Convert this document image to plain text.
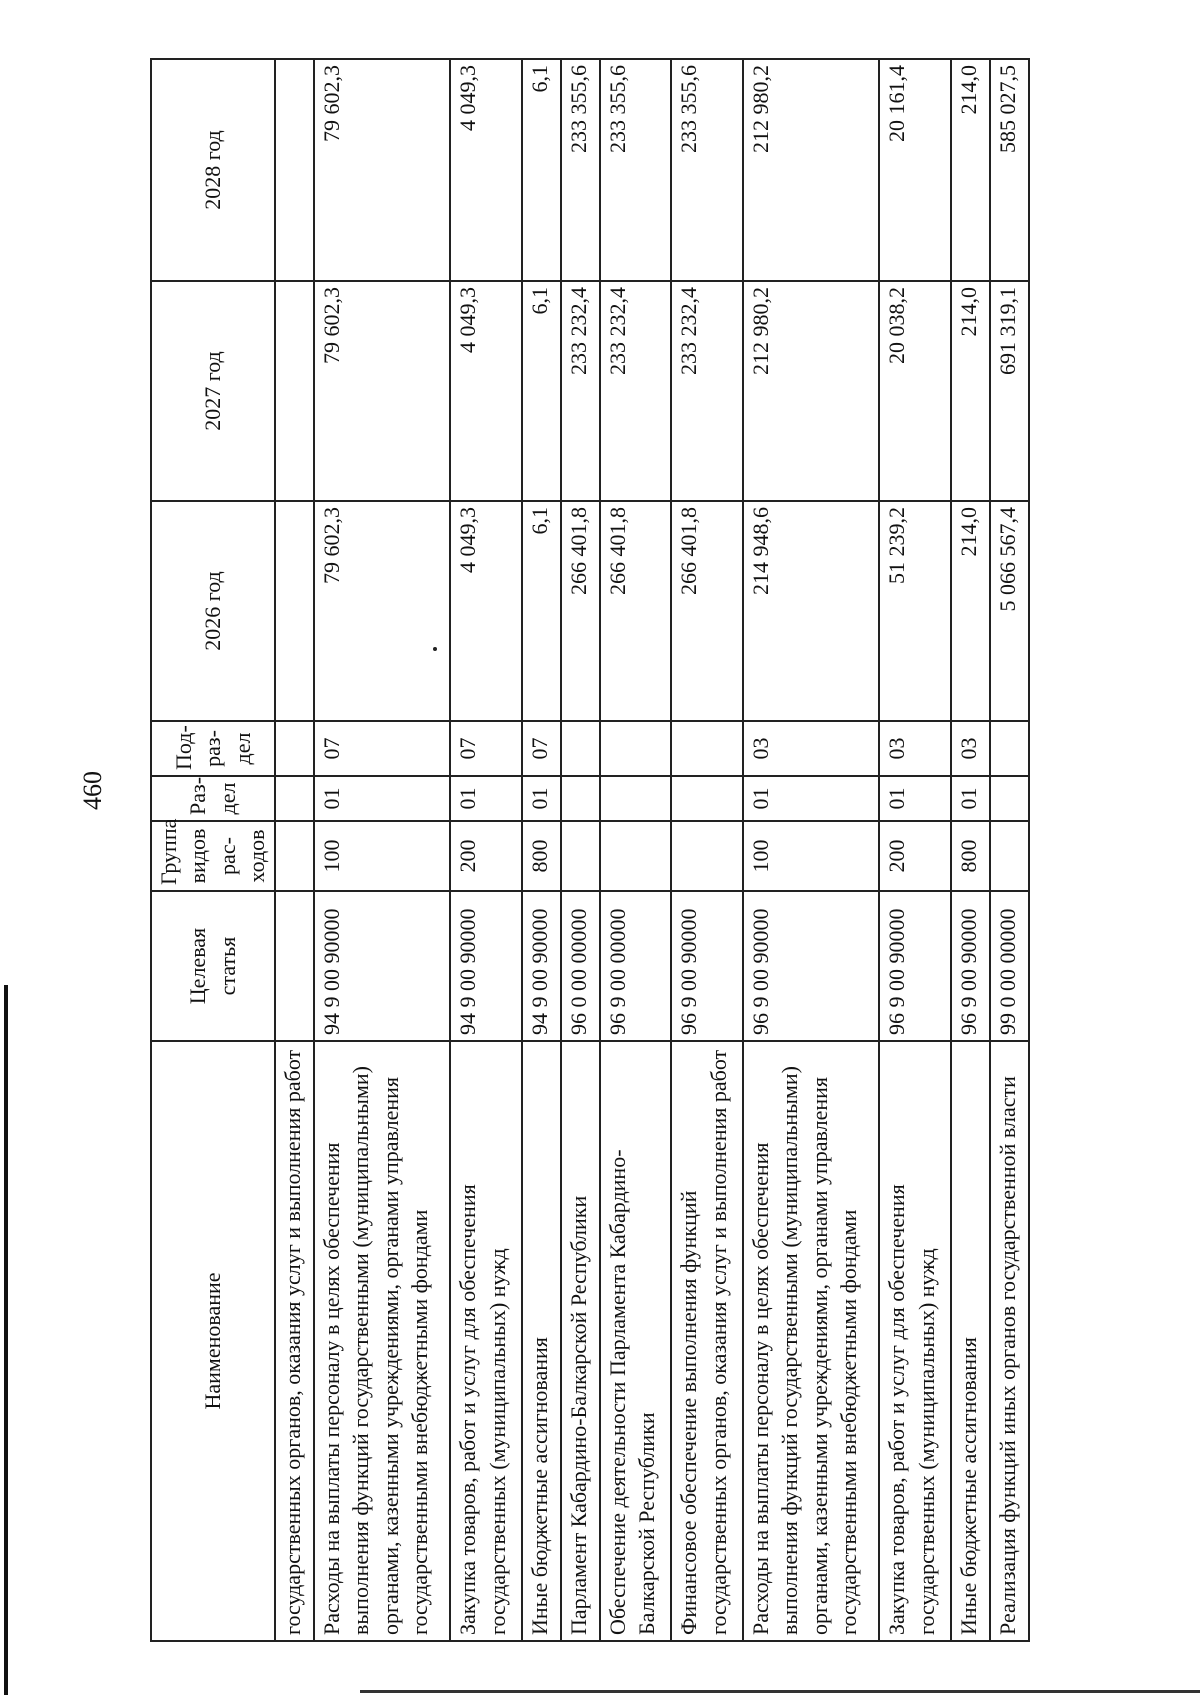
460
Наименование	Целевая статья	Группа видов рас-ходов	Раз-дел	Под-раз-дел	2026 год	2027 год	2028 год
государственных органов, оказания услуг и выполнения работ							
Расходы на выплаты персоналу в целях обеспечения выполнения функций государственными (муниципальными) органами, казенными учреждениями, органами управления государственными внебюджетными фондами	94 9 00 90000	100	01	07	79 602,3	79 602,3	79 602,3
Закупка товаров, работ и услуг для обеспечения государственных (муниципальных) нужд	94 9 00 90000	200	01	07	4 049,3	4 049,3	4 049,3
Иные бюджетные ассигнования	94 9 00 90000	800	01	07	6,1	6,1	6,1
Парламент Кабардино-Балкарской Республики	96 0 00 00000				266 401,8	233 232,4	233 355,6
Обеспечение деятельности Парламента Кабардино-Балкарской Республики	96 9 00 00000				266 401,8	233 232,4	233 355,6
Финансовое обеспечение выполнения функций государственных органов, оказания услуг и выполнения работ	96 9 00 90000				266 401,8	233 232,4	233 355,6
Расходы на выплаты персоналу в целях обеспечения выполнения функций государственными (муниципальными) органами, казенными учреждениями, органами управления государственными внебюджетными фондами	96 9 00 90000	100	01	03	214 948,6	212 980,2	212 980,2
Закупка товаров, работ и услуг для обеспечения государственных (муниципальных) нужд	96 9 00 90000	200	01	03	51 239,2	20 038,2	20 161,4
Иные бюджетные ассигнования	96 9 00 90000	800	01	03	214,0	214,0	214,0
Реализация функций иных органов государственной власти	99 0 00 00000				5 066 567,4	691 319,1	585 027,5
